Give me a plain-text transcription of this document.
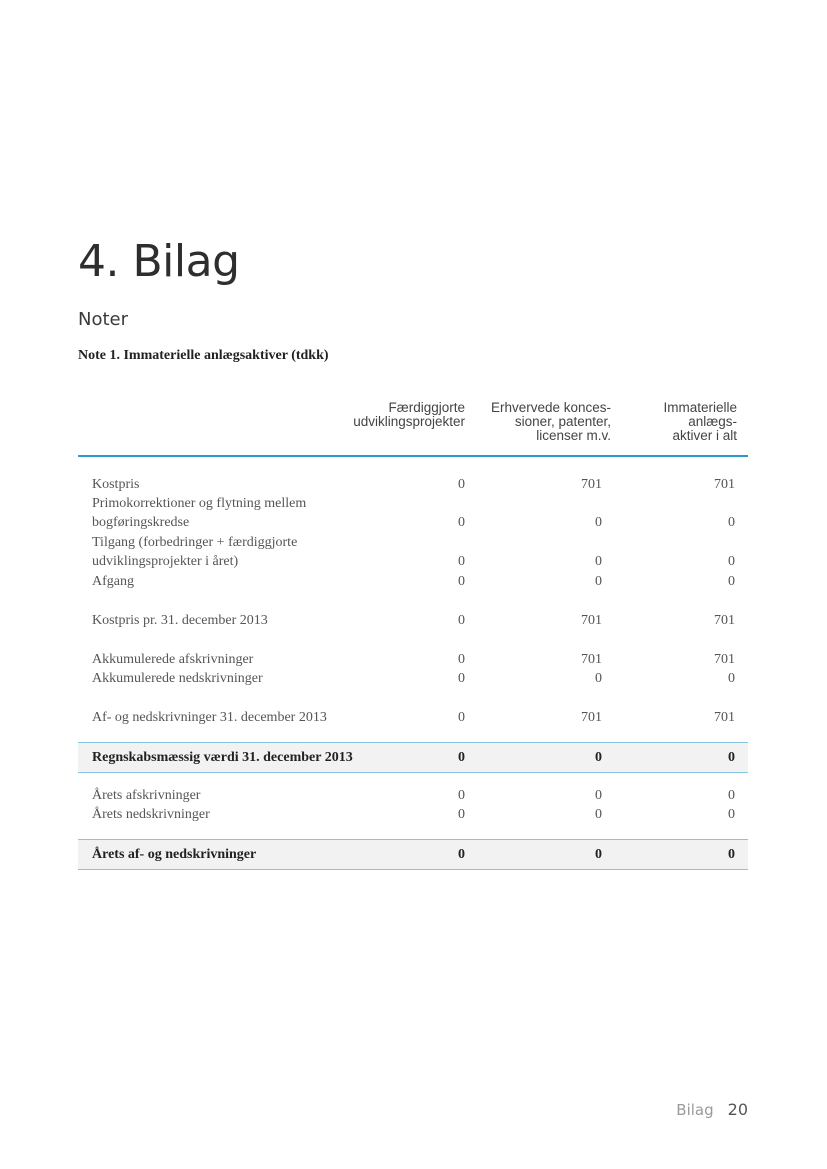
4. Bilag
Noter
Note 1. Immaterielle anlægsaktiver (tdkk)
Færdiggjorte
udviklingsprojekter
Erhvervede konces-
sioner, patenter,
licenser m.v.
Immaterielle
anlægs-
aktiver i alt
Kostpris	0	701	701
Primokorrektioner og flytning mellem
bogføringskredse	0	0	0
Tilgang (forbedringer + færdiggjorte
udviklingsprojekter i året)	0	0	0
Afgang	0	0	0
Kostpris pr. 31. december 2013	0	701	701
Akkumulerede afskrivninger	0	701	701
Akkumulerede nedskrivninger	0	0	0
Af- og nedskrivninger 31. december 2013	0	701	701
Regnskabsmæssig værdi 31. december 2013	0	0	0
Årets afskrivninger	0	0	0
Årets nedskrivninger	0	0	0
Årets af- og nedskrivninger	0	0	0
Bilag 20
